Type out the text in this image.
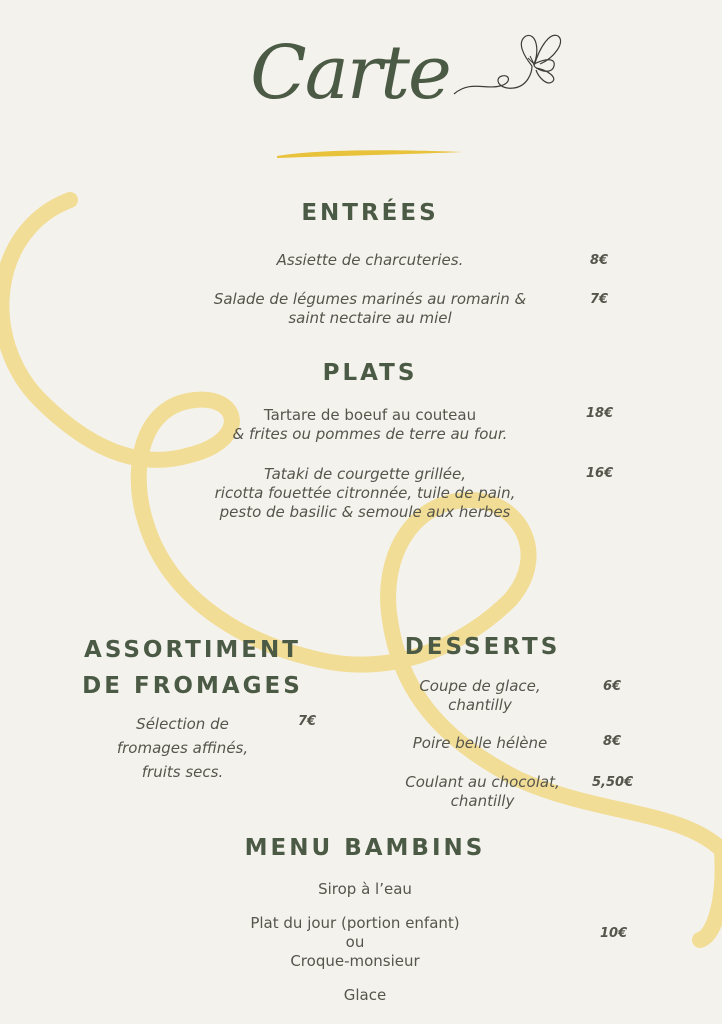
Carte
ENTRÉES
Assiette de charcuteries.	8€
Salade de légumes marinés au romarin &
saint nectaire au miel
7€
PLATS
Tartare de boeuf au couteau
& frites ou pommes de terre au four.
18€
Tataki de courgette grillée,
ricotta fouettée citronnée, tuile de pain,
pesto de basilic & semoule aux herbes
16€
ASSORTIMENT
DE FROMAGES
Sélection de
fromages affinés,
fruits secs.
7€
DESSERTS
Coupe de glace,
chantilly
6€
Poire belle hélène	8€
Coulant au chocolat,
chantilly
5,50€
MENU BAMBINS
Sirop à l’eau
Plat du jour (portion enfant)
ou
Croque-monsieur
Glace
10€
